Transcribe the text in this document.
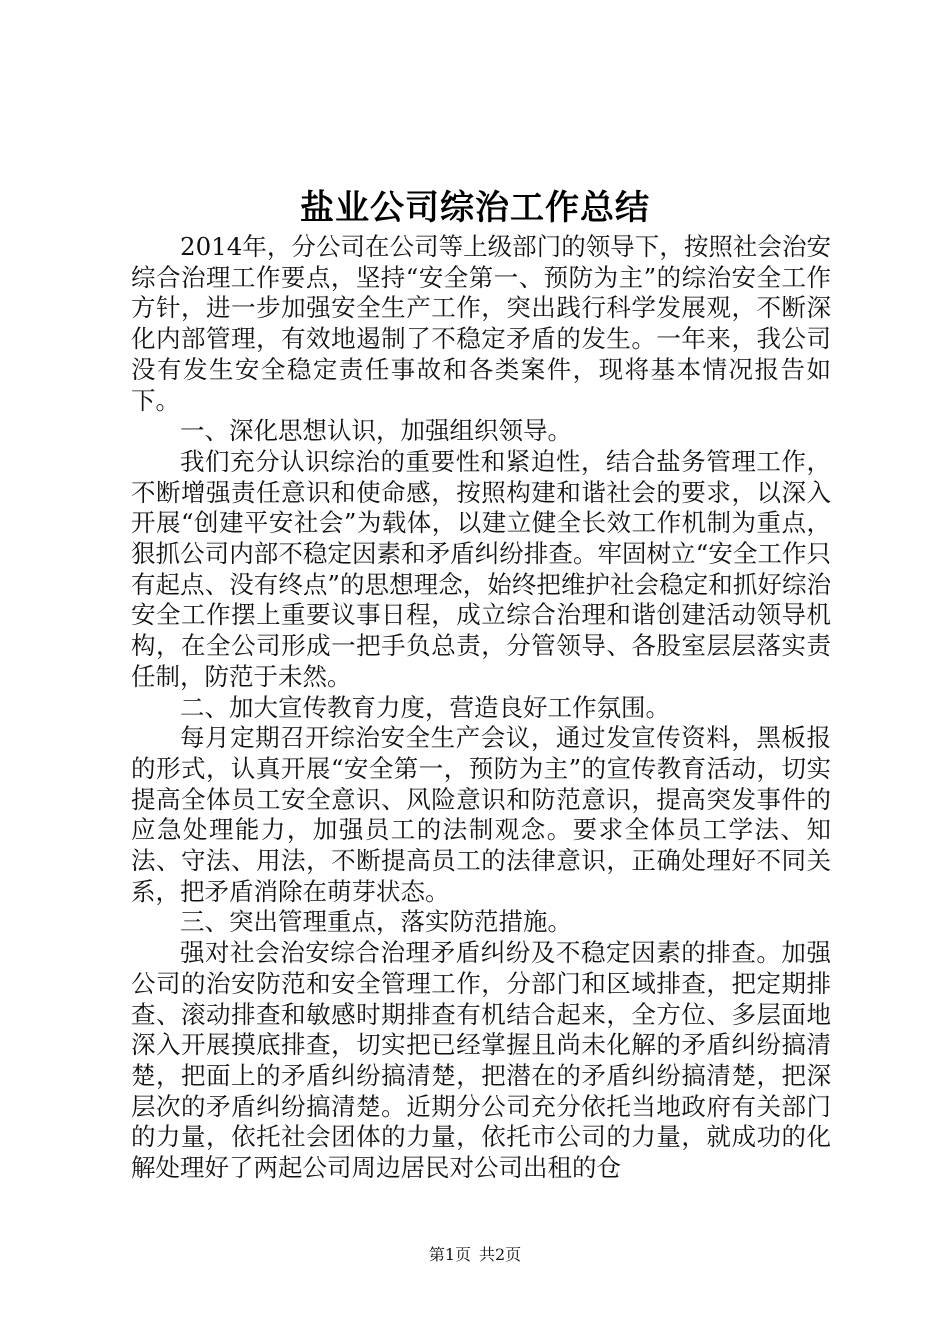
盐业公司综治工作总结

2014年，分公司在公司等上级部门的领导下，按照社会治安综合治理工作要点，坚持“安全第一、预防为主”的综治安全工作方针，进一步加强安全生产工作，突出践行科学发展观，不断深化内部管理，有效地遏制了不稳定矛盾的发生。一年来，我公司没有发生安全稳定责任事故和各类案件，现将基本情况报告如下。

一、深化思想认识，加强组织领导。

我们充分认识综治的重要性和紧迫性，结合盐务管理工作，不断增强责任意识和使命感，按照构建和谐社会的要求，以深入开展“创建平安社会”为载体，以建立健全长效工作机制为重点，狠抓公司内部不稳定因素和矛盾纠纷排查。牢固树立“安全工作只有起点、没有终点”的思想理念，始终把维护社会稳定和抓好综治安全工作摆上重要议事日程，成立综合治理和谐创建活动领导机构，在全公司形成一把手负总责，分管领导、各股室层层落实责任制，防范于未然。

二、加大宣传教育力度，营造良好工作氛围。

每月定期召开综治安全生产会议，通过发宣传资料，黑板报的形式，认真开展“安全第一，预防为主”的宣传教育活动，切实提高全体员工安全意识、风险意识和防范意识，提高突发事件的应急处理能力，加强员工的法制观念。要求全体员工学法、知法、守法、用法，不断提高员工的法律意识，正确处理好不同关系，把矛盾消除在萌芽状态。

三、突出管理重点，落实防范措施。

强对社会治安综合治理矛盾纠纷及不稳定因素的排查。加强公司的治安防范和安全管理工作，分部门和区域排查，把定期排查、滚动排查和敏感时期排查有机结合起来，全方位、多层面地深入开展摸底排查，切实把已经掌握且尚未化解的矛盾纠纷搞清楚，把面上的矛盾纠纷搞清楚，把潜在的矛盾纠纷搞清楚，把深层次的矛盾纠纷搞清楚。近期分公司充分依托当地政府有关部门的力量，依托社会团体的力量，依托市公司的力量，就成功的化解处理好了两起公司周边居民对公司出租的仓

第1页 共2页
